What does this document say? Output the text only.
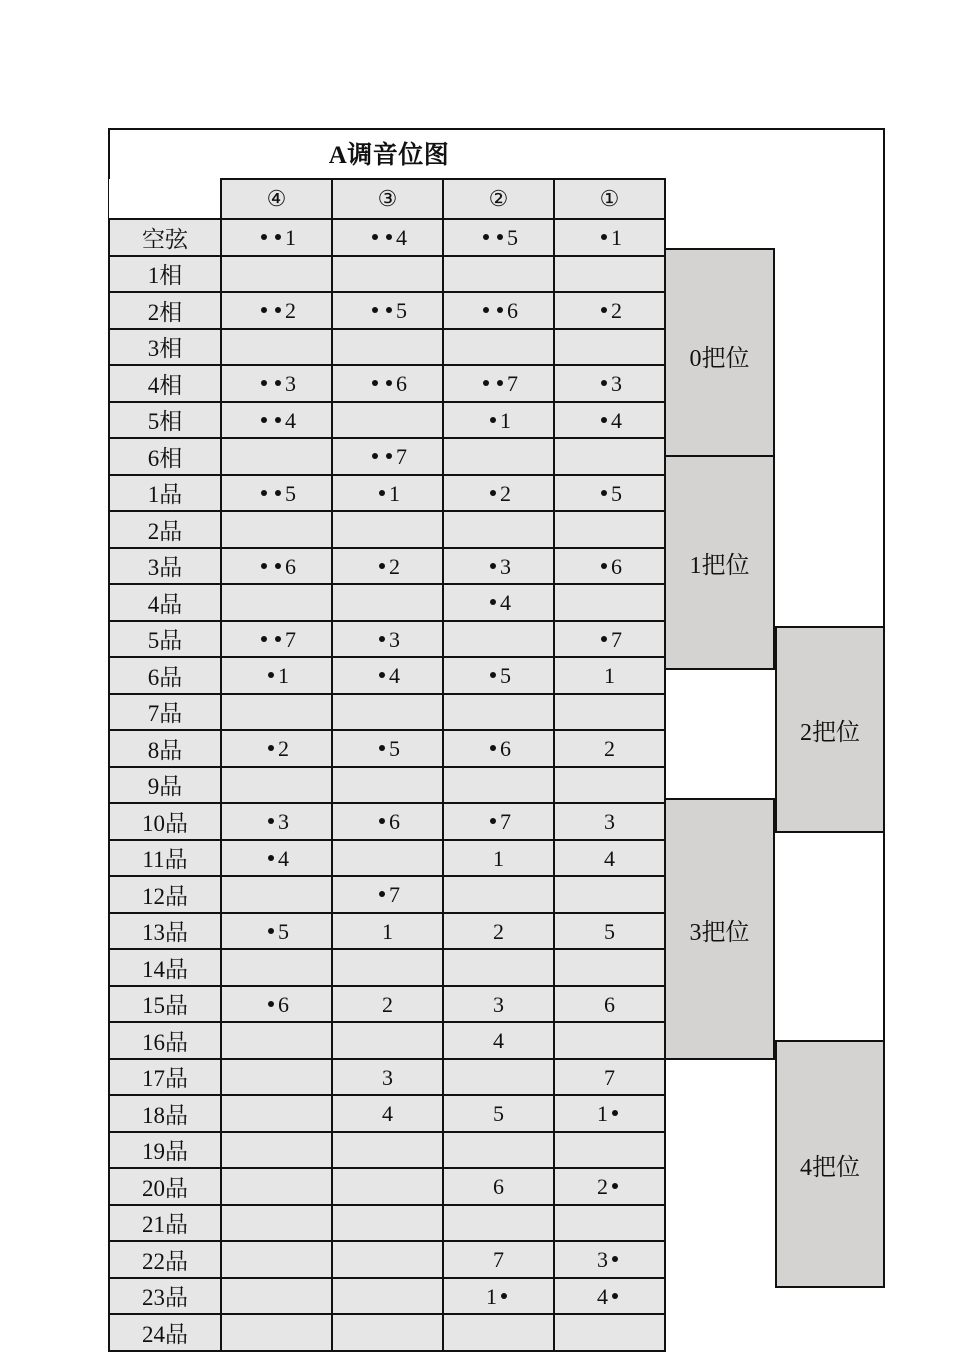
A调音位图
	④	③	②	①
空弦	1	4	5	1
1相				
2相	2	5	6	2
3相				
4相	3	6	7	3
5相	4		1	4
6相		7		
1品	5	1	2	5
2品				
3品	6	2	3	6
4品			4	
5品	7	3		7
6品	1	4	5	1
7品				
8品	2	5	6	2
9品				
10品	3	6	7	3
11品	4		1	4
12品		7		
13品	5	1	2	5
14品				
15品	6	2	3	6
16品			4	
17品		3		7
18品		4	5	1
19品				
20品			6	2
21品				
22品			7	3
23品			1	4
24品				
0把位
1把位
2把位
3把位
4把位
